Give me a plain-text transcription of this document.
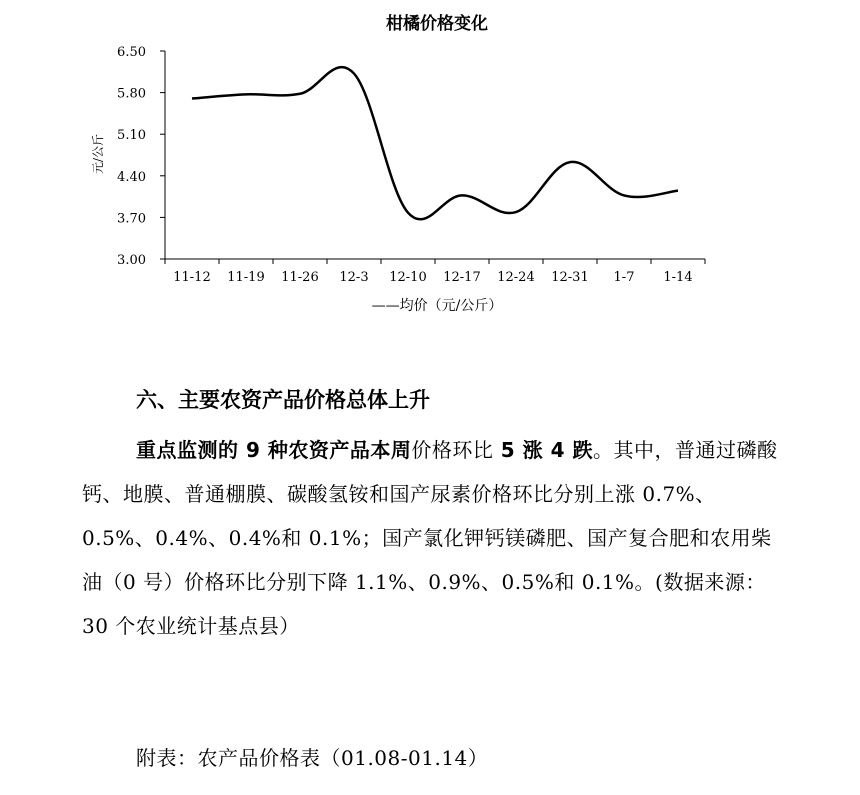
柑橘价格变化
元/公斤
6.50
5.80
5.10
4.40
3.70
3.00
11-12 11-19 11-26 12-3 12-10 12-17 12-24 12-31 1-7 1-14
——均价（元/公斤）
六、主要农资产品价格总体上升

重点监测的 9 种农资产品本周价格环比 5 涨 4 跌。其中，普通过磷酸钙、地膜、普通棚膜、碳酸氢铵和国产尿素价格环比分别上涨 0.7%、0.5%、0.4%、0.4%和 0.1%；国产氯化钾钙镁磷肥、国产复合肥和农用柴油（0 号）价格环比分别下降 1.1%、0.9%、0.5%和 0.1%。(数据来源：30 个农业统计基点县）

附表：农产品价格表（01.08-01.14）
